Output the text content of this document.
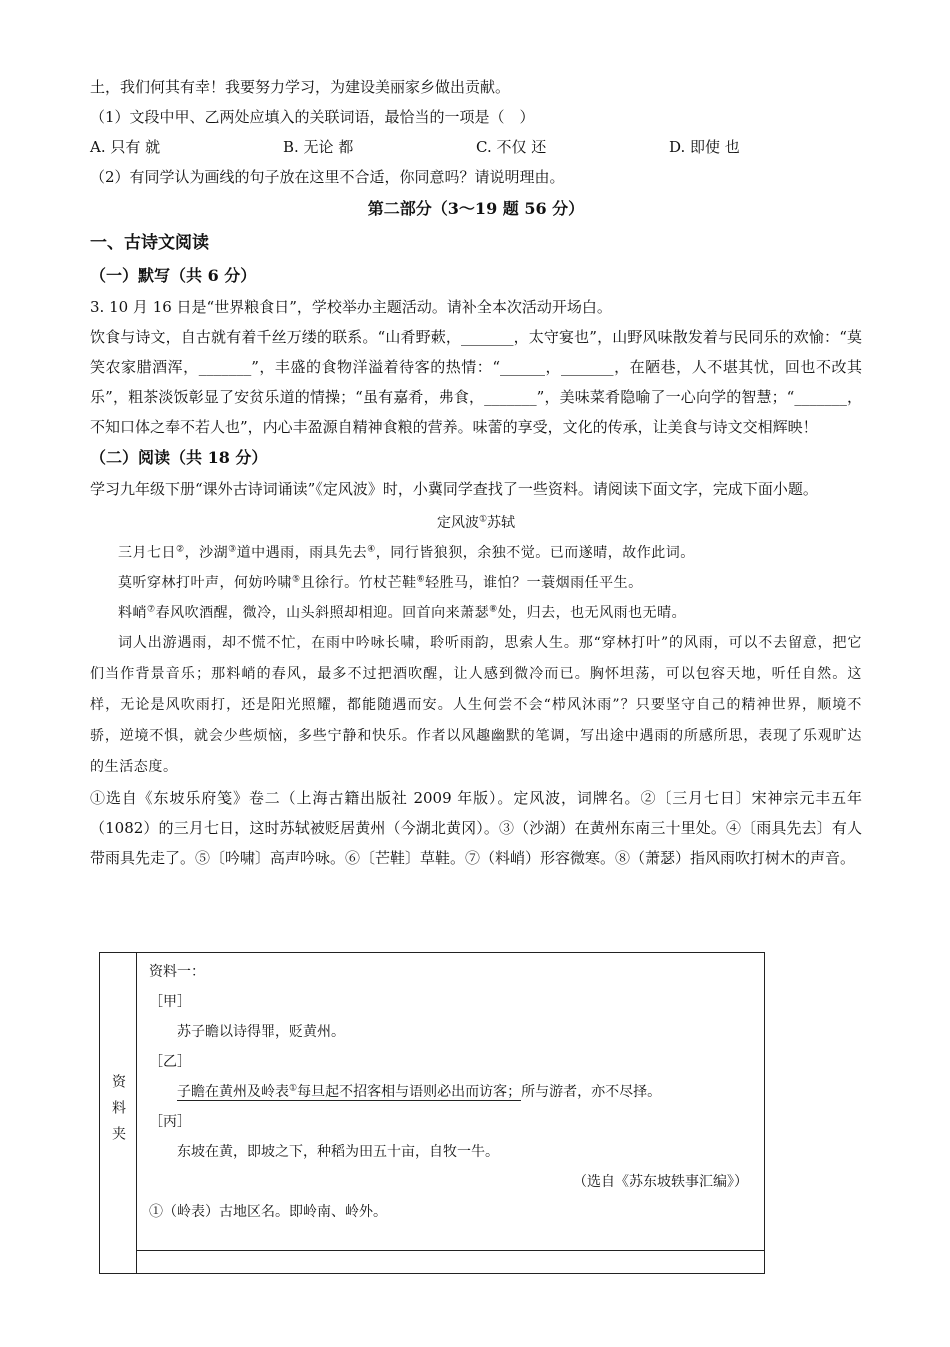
土，我们何其有幸！我要努力学习，为建设美丽家乡做出贡献。

（1）文段中甲、乙两处应填入的关联词语，最恰当的一项是（　）

A. 只有 就	B. 无论 都	C. 不仅 还	D. 即使 也

（2）有同学认为画线的句子放在这里不合适，你同意吗？请说明理由。

第二部分（3～19 题 56 分）

一、古诗文阅读

（一）默写（共 6 分）

3. 10 月 16 日是“世界粮食日”，学校举办主题活动。请补全本次活动开场白。

饮食与诗文，自古就有着千丝万缕的联系。“山肴野蔌，_______，太守宴也”，山野风味散发着与民同乐的欢愉：“莫笑农家腊酒浑，_______”，丰盛的食物洋溢着待客的热情：“______，_______，在陋巷，人不堪其忧，回也不改其乐”，粗茶淡饭彰显了安贫乐道的情操；“虽有嘉肴，弗食，_______”，美味菜肴隐喻了一心向学的智慧；“_______，不知口体之奉不若人也”，内心丰盈源自精神食粮的营养。味蕾的享受，文化的传承，让美食与诗文交相辉映！

（二）阅读（共 18 分）

学习九年级下册“课外古诗词诵读”《定风波》时，小冀同学查找了一些资料。请阅读下面文字，完成下面小题。

定风波①苏轼

三月七日②，沙湖③道中遇雨，雨具先去④，同行皆狼狈，余独不觉。已而遂晴，故作此词。

莫听穿林打叶声，何妨吟啸⑤且徐行。竹杖芒鞋⑥轻胜马，谁怕？一蓑烟雨任平生。

料峭⑦春风吹酒醒，微冷，山头斜照却相迎。回首向来萧瑟⑧处，归去，也无风雨也无晴。

词人出游遇雨，却不慌不忙，在雨中吟咏长啸，聆听雨韵，思索人生。那“穿林打叶”的风雨，可以不去留意，把它们当作背景音乐；那料峭的春风，最多不过把酒吹醒，让人感到微冷而已。胸怀坦荡，可以包容天地，听任自然。这样，无论是风吹雨打，还是阳光照耀，都能随遇而安。人生何尝不会“栉风沐雨”？只要坚守自己的精神世界，顺境不骄，逆境不惧，就会少些烦恼，多些宁静和快乐。作者以风趣幽默的笔调，写出途中遇雨的所感所思，表现了乐观旷达的生活态度。

①选自《东坡乐府笺》卷二（上海古籍出版社 2009 年版）。定风波，词牌名。②〔三月七日〕宋神宗元丰五年（1082）的三月七日，这时苏轼被贬居黄州（今湖北黄冈）。③（沙湖）在黄州东南三十里处。④〔雨具先去〕有人带雨具先走了。⑤〔吟啸〕高声吟咏。⑥〔芒鞋〕草鞋。⑦（料峭）形容微寒。⑧（萧瑟）指风雨吹打树木的声音。

资料夹

资料一：

［甲］

苏子瞻以诗得罪，贬黄州。

［乙］

子瞻在黄州及岭表①每旦起不招客相与语则必出而访客；所与游者，亦不尽择。

［丙］

东坡在黄，即坡之下，种稻为田五十亩，自牧一牛。

（选自《苏东坡轶事汇编》）

①（岭表）古地区名。即岭南、岭外。
